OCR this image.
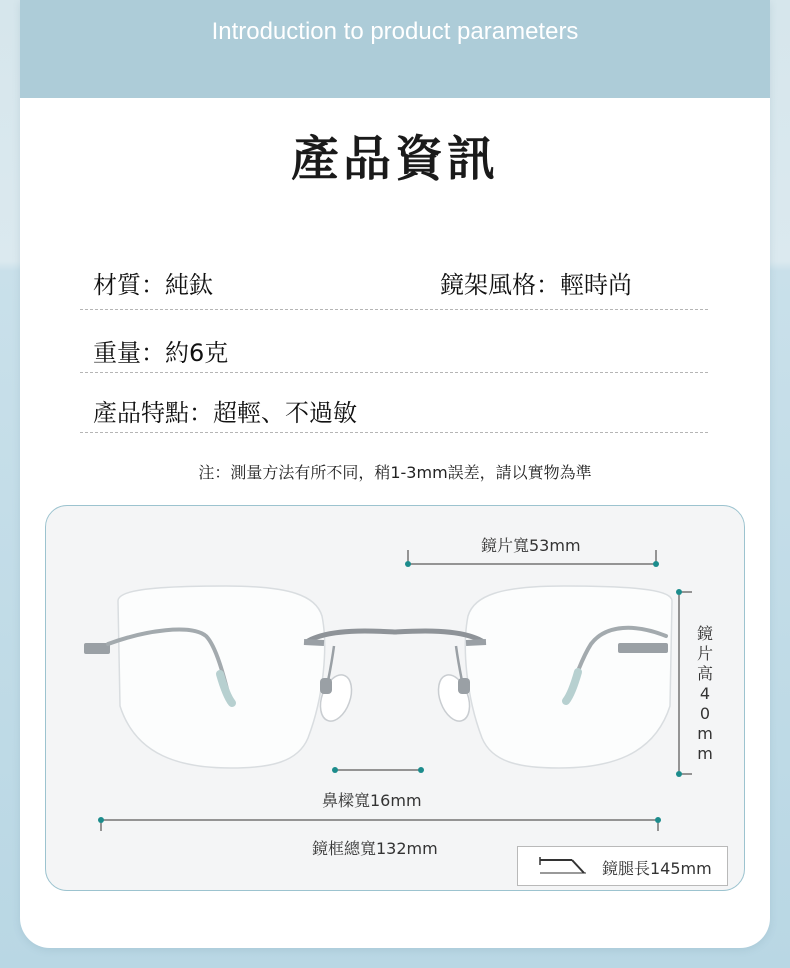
Introduction to product parameters
產品資訊
材質：純鈦	鏡架風格：輕時尚
重量：約6克
產品特點：超輕、不過敏
注：測量方法有所不同，稍1-3mm誤差，請以實物為準
鏡片寬53mm
鏡片高40mm
鼻樑寬16mm
鏡框總寬132mm
鏡腿長145mm
